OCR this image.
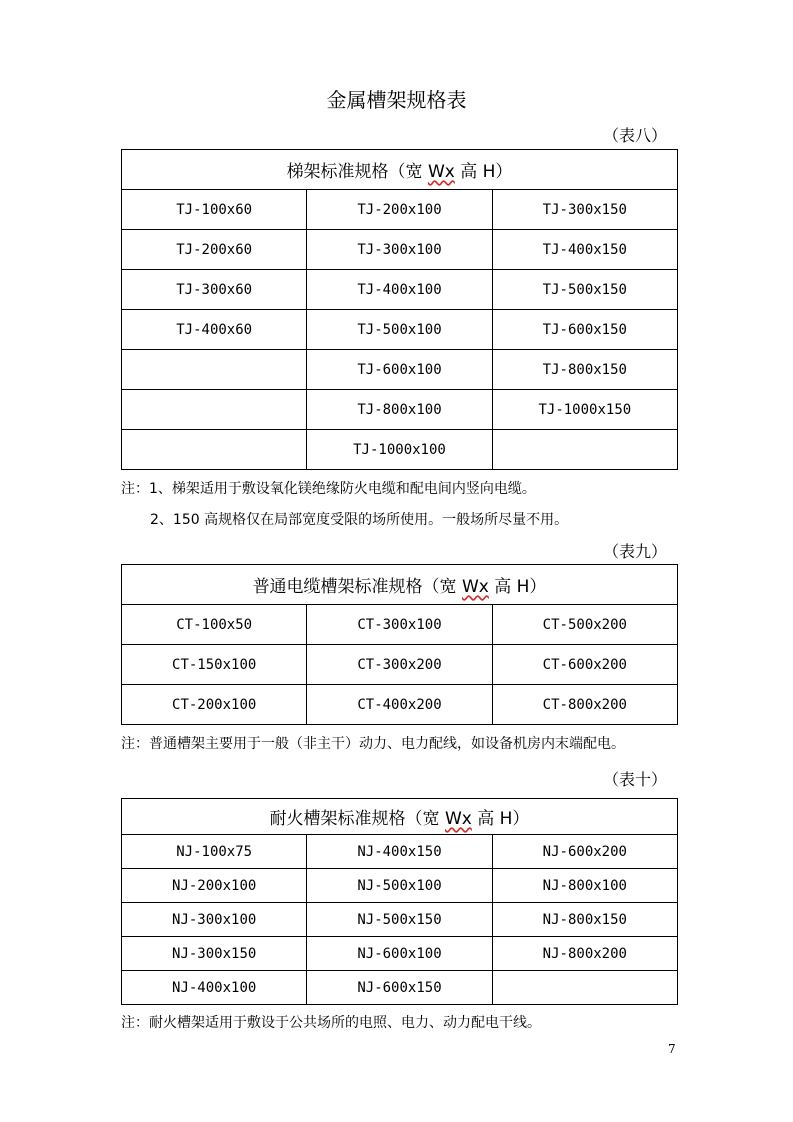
金属槽架规格表
（表八）
梯架标准规格（宽 Wx 高 H）		
TJ-100x60	TJ-200x100	TJ-300x150
TJ-200x60	TJ-300x100	TJ-400x150
TJ-300x60	TJ-400x100	TJ-500x150
TJ-400x60	TJ-500x100	TJ-600x150
	TJ-600x100	TJ-800x150
	TJ-800x100	TJ-1000x150
	TJ-1000x100	
注：1、梯架适用于敷设氧化镁绝缘防火电缆和配电间内竖向电缆。
2、150 高规格仅在局部宽度受限的场所使用。一般场所尽量不用。
（表九）
普通电缆槽架标准规格（宽 Wx 高 H）		
CT-100x50	CT-300x100	CT-500x200
CT-150x100	CT-300x200	CT-600x200
CT-200x100	CT-400x200	CT-800x200
注：普通槽架主要用于一般（非主干）动力、电力配线，如设备机房内末端配电。
（表十）
耐火槽架标准规格（宽 Wx 高 H）		
NJ-100x75	NJ-400x150	NJ-600x200
NJ-200x100	NJ-500x100	NJ-800x100
NJ-300x100	NJ-500x150	NJ-800x150
NJ-300x150	NJ-600x100	NJ-800x200
NJ-400x100	NJ-600x150	
注：耐火槽架适用于敷设于公共场所的电照、电力、动力配电干线。
7
